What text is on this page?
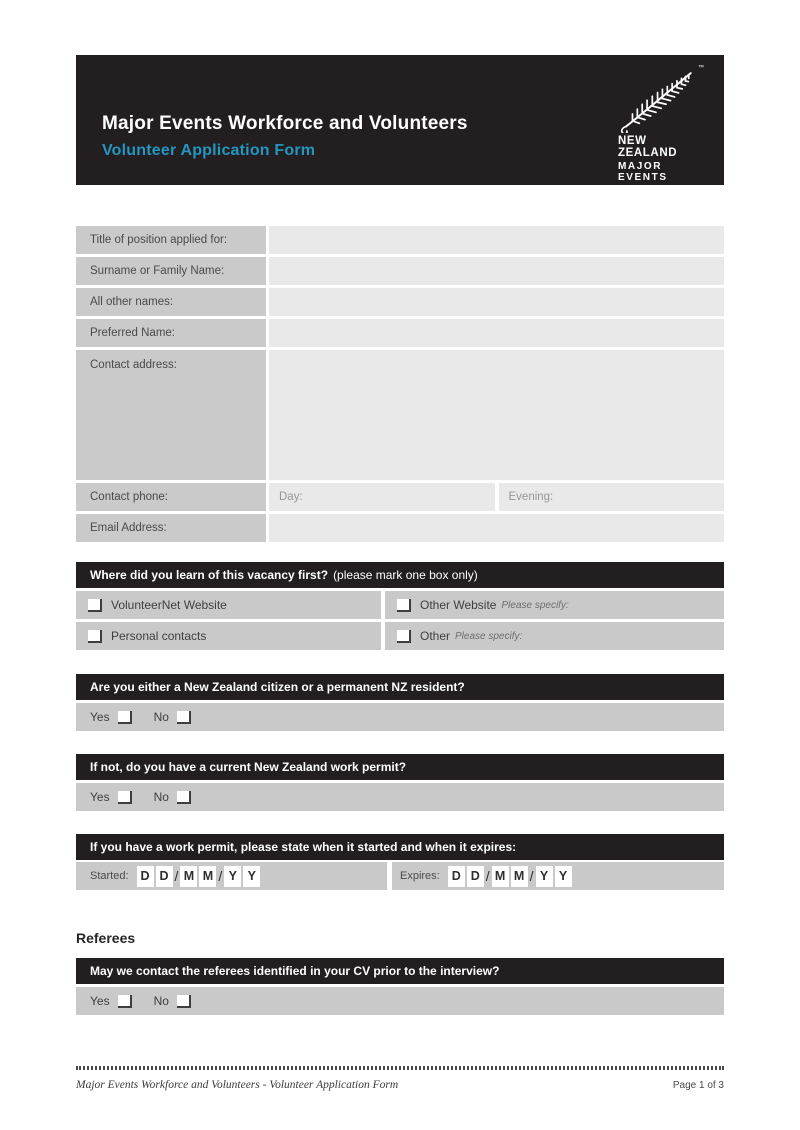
Major Events Workforce and Volunteers
Volunteer Application Form
™
NEW ZEALAND
MAJOR EVENTS
Title of position applied for:
Surname or Family Name:
All other names:
Preferred Name:
Contact address:
Contact phone:	Day:	Evening:
Email Address:
Where did you learn of this vacancy first? (please mark one box only)
VolunteerNet Website	Other Website Please specify:
Personal contacts	Other Please specify:
Are you either a New Zealand citizen or a permanent NZ resident?
Yes	No
If not, do you have a current New Zealand work permit?
Yes	No
If you have a work permit, please state when it started and when it expires:
Started: D D / M M / Y Y	Expires: D D / M M / Y Y
Referees
May we contact the referees identified in your CV prior to the interview?
Yes	No
Major Events Workforce and Volunteers - Volunteer Application Form	Page 1 of 3
